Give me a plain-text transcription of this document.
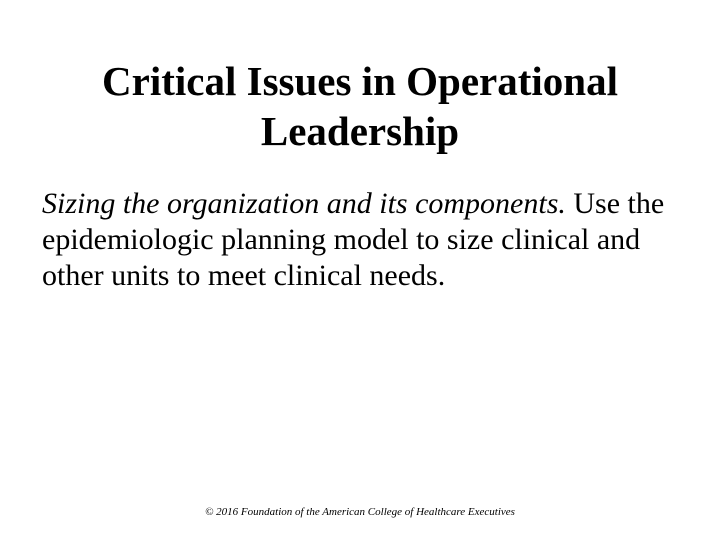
Critical Issues in Operational Leadership

Sizing the organization and its components. Use the epidemiologic planning model to size clinical and other units to meet clinical needs.

© 2016 Foundation of the American College of Healthcare Executives
